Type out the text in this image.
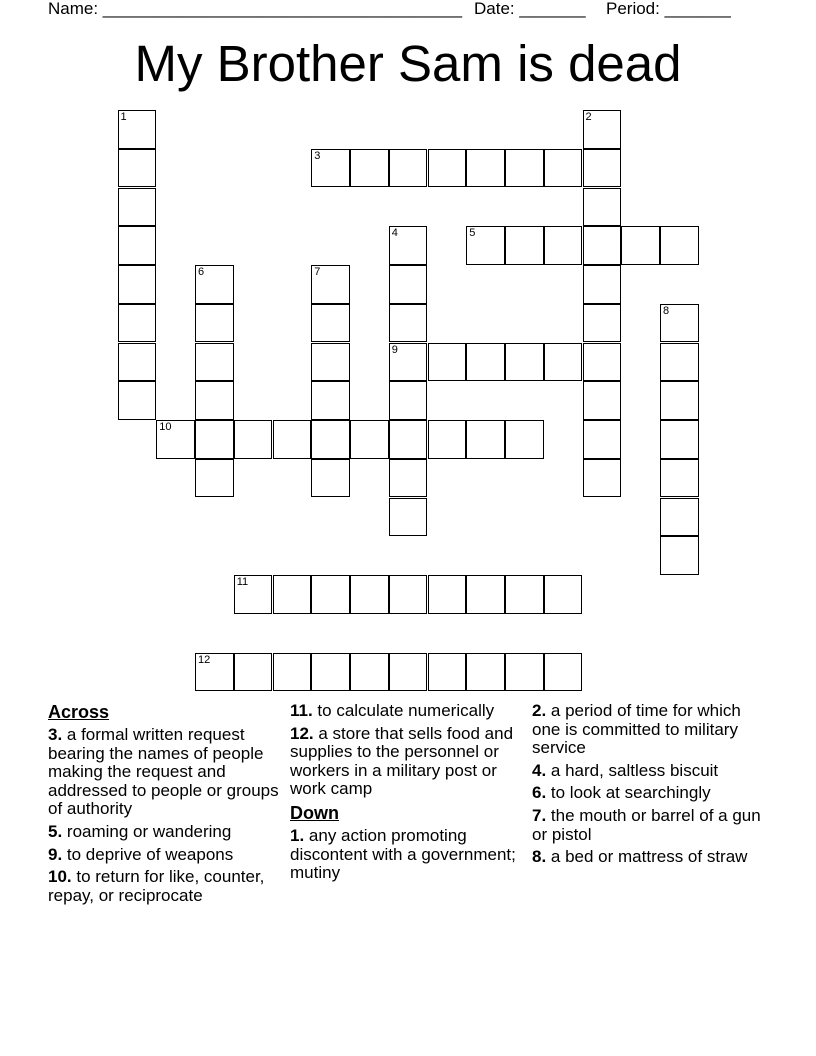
Name: ______________________________________ Date: _______ Period: _______
My Brother Sam is dead
1	2
3
4
9
5
6	7
8
10
11
12
Across
3. a formal written request bearing the names of people making the request and addressed to people or groups of authority
5. roaming or wandering
9. to deprive of weapons
10. to return for like, counter, repay, or reciprocate
11. to calculate numerically
12. a store that sells food and supplies to the personnel or workers in a military post or work camp
Down
1. any action promoting discontent with a government; mutiny
2. a period of time for which one is committed to military service
4. a hard, saltless biscuit
6. to look at searchingly
7. the mouth or barrel of a gun or pistol
8. a bed or mattress of straw
